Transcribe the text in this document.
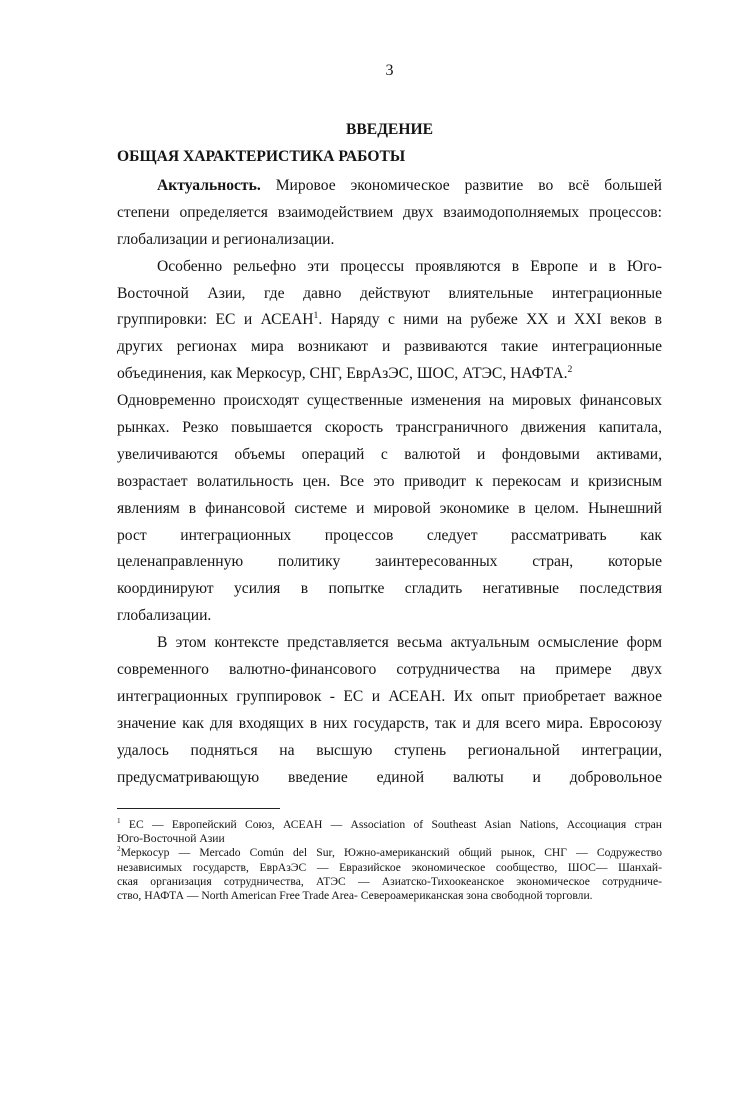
3
ВВЕДЕНИЕ
ОБЩАЯ ХАРАКТЕРИСТИКА РАБОТЫ
Актуальность. Мировое экономическое развитие во всё большей
степени определяется взаимодействием двух взаимодополняемых процессов:
глобализации и регионализации.
Особенно рельефно эти процессы проявляются в Европе и в Юго-
Восточной Азии, где давно действуют влиятельные интеграционные
группировки: ЕС и АСЕАН$^1$. Наряду с ними на рубеже XX и XXI веков в
других регионах мира возникают и развиваются такие интеграционные
объединения, как Меркосур, СНГ, ЕврАзЭС, ШОС, АТЭС, НАФТА.$^2$
Одновременно происходят существенные изменения на мировых финансовых
рынках. Резко повышается скорость трансграничного движения капитала,
увеличиваются объемы операций с валютой и фондовыми активами,
возрастает волатильность цен. Все это приводит к перекосам и кризисным
явлениям в финансовой системе и мировой экономике в целом. Нынешний
рост интеграционных процессов следует рассматривать как
целенаправленную политику заинтересованных стран, которые
координируют усилия в попытке сгладить негативные последствия
глобализации.
В этом контексте представляется весьма актуальным осмысление форм
современного валютно-финансового сотрудничества на примере двух
интеграционных группировок - ЕС и АСЕАН. Их опыт приобретает важное
значение как для входящих в них государств, так и для всего мира. Евросоюзу
удалось подняться на высшую ступень региональной интеграции,
предусматривающую введение единой валюты и добровольное
$^1$ ЕС — Европейский Союз, АСЕАН — Association of Southeast Asian Nations, Ассоциация стран
Юго-Восточной Азии
$^2$Меркосур — Mercado Común del Sur, Южно-американский общий рынок, СНГ — Содружество
независимых государств, ЕврАзЭС — Евразийское экономическое сообщество, ШОС— Шанхай-
ская организация сотрудничества, АТЭС — Азиатско-Тихоокеанское экономическое сотрудниче-
ство, НАФТА — North American Free Trade Area- Североамериканская зона свободной торговли.
